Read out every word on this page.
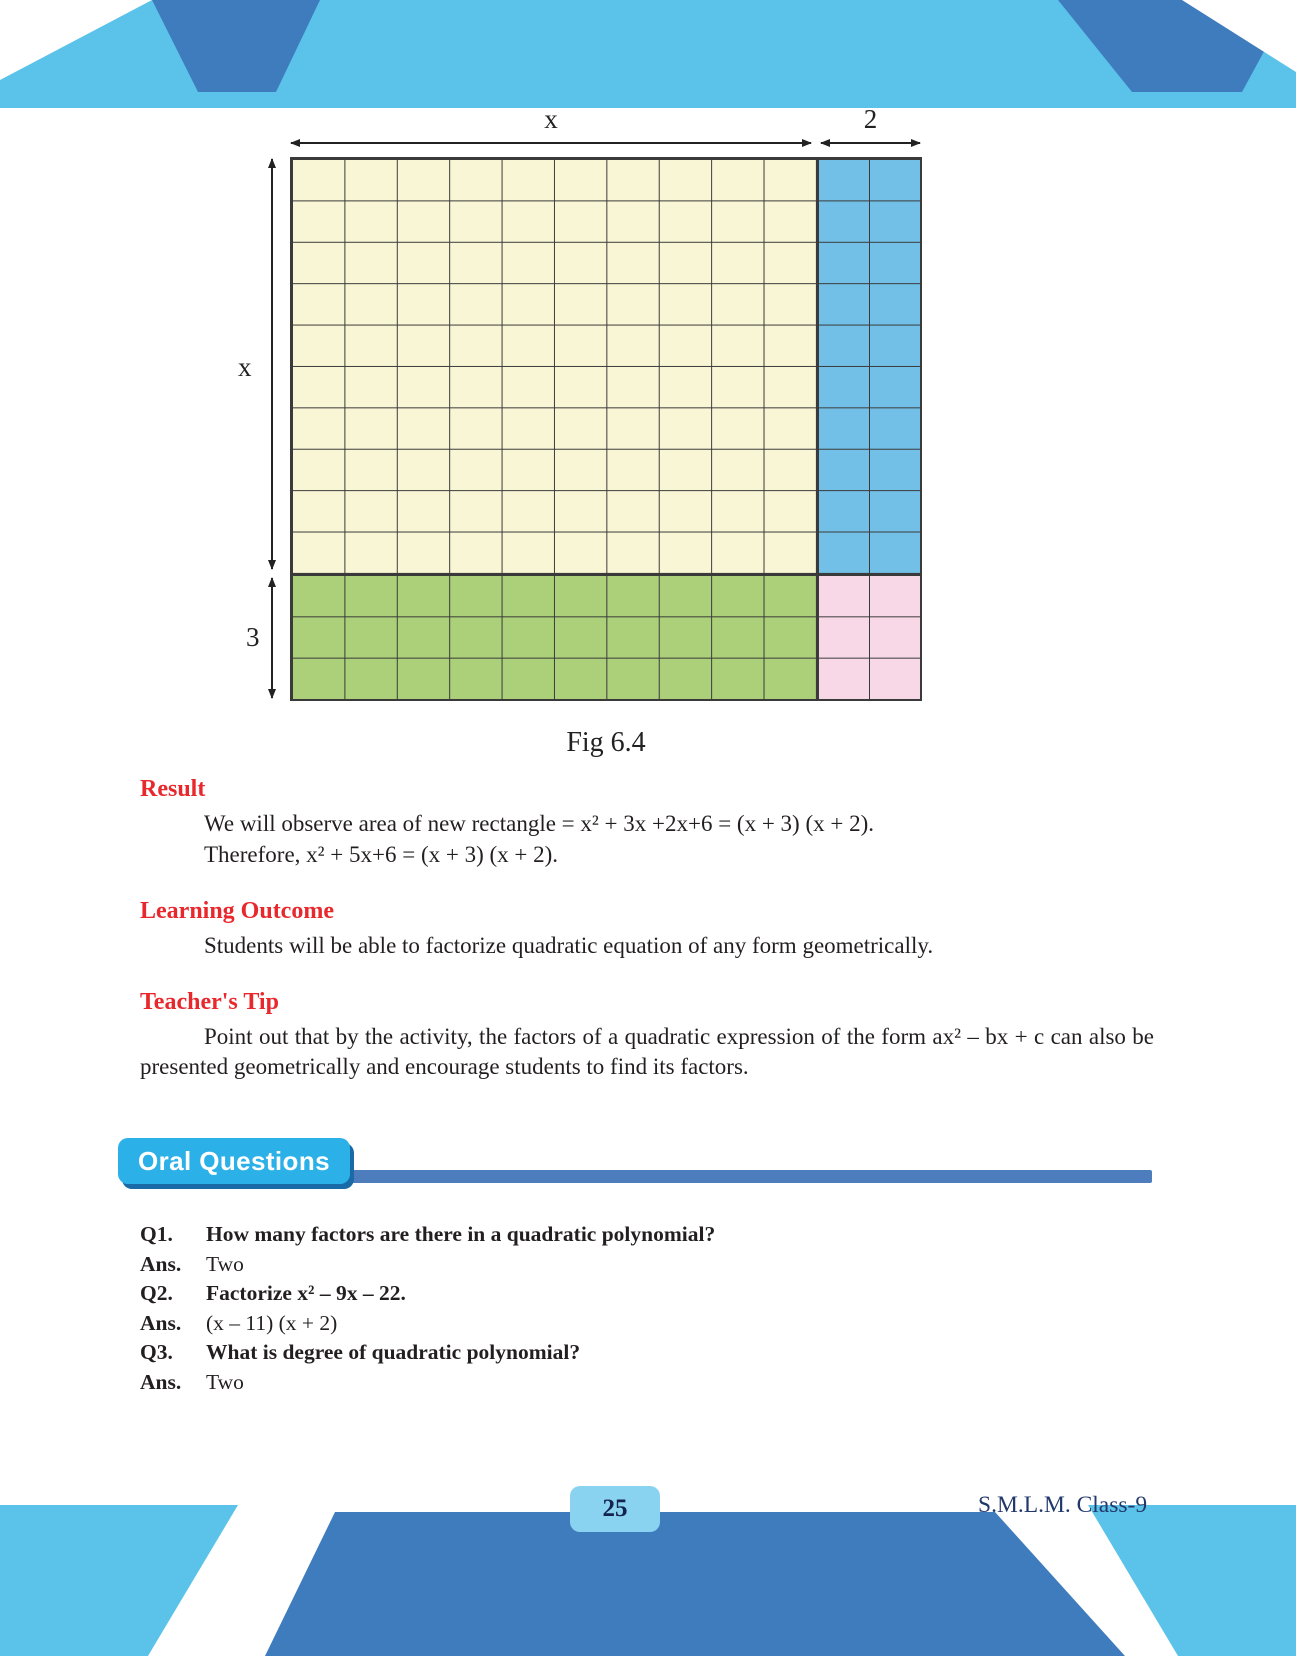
x	2
x
3
Fig 6.4
Result

We will observe area of new rectangle = x² + 3x +2x+6 = (x + 3) (x + 2).

Therefore, x² + 5x+6 = (x + 3) (x + 2).

Learning Outcome

Students will be able to factorize quadratic equation of any form geometrically.

Teacher's Tip

Point out that by the activity, the factors of a quadratic expression of the form ax² – bx + c can also be presented geometrically and encourage students to find its factors.

Oral Questions
Q1.	How many factors are there in a quadratic polynomial?
Ans.	Two
Q2.	Factorize x² – 9x – 22.
Ans.	(x – 11) (x + 2)
Q3.	What is degree of quadratic polynomial?
Ans.	Two
25	S.M.L.M. Class-9
